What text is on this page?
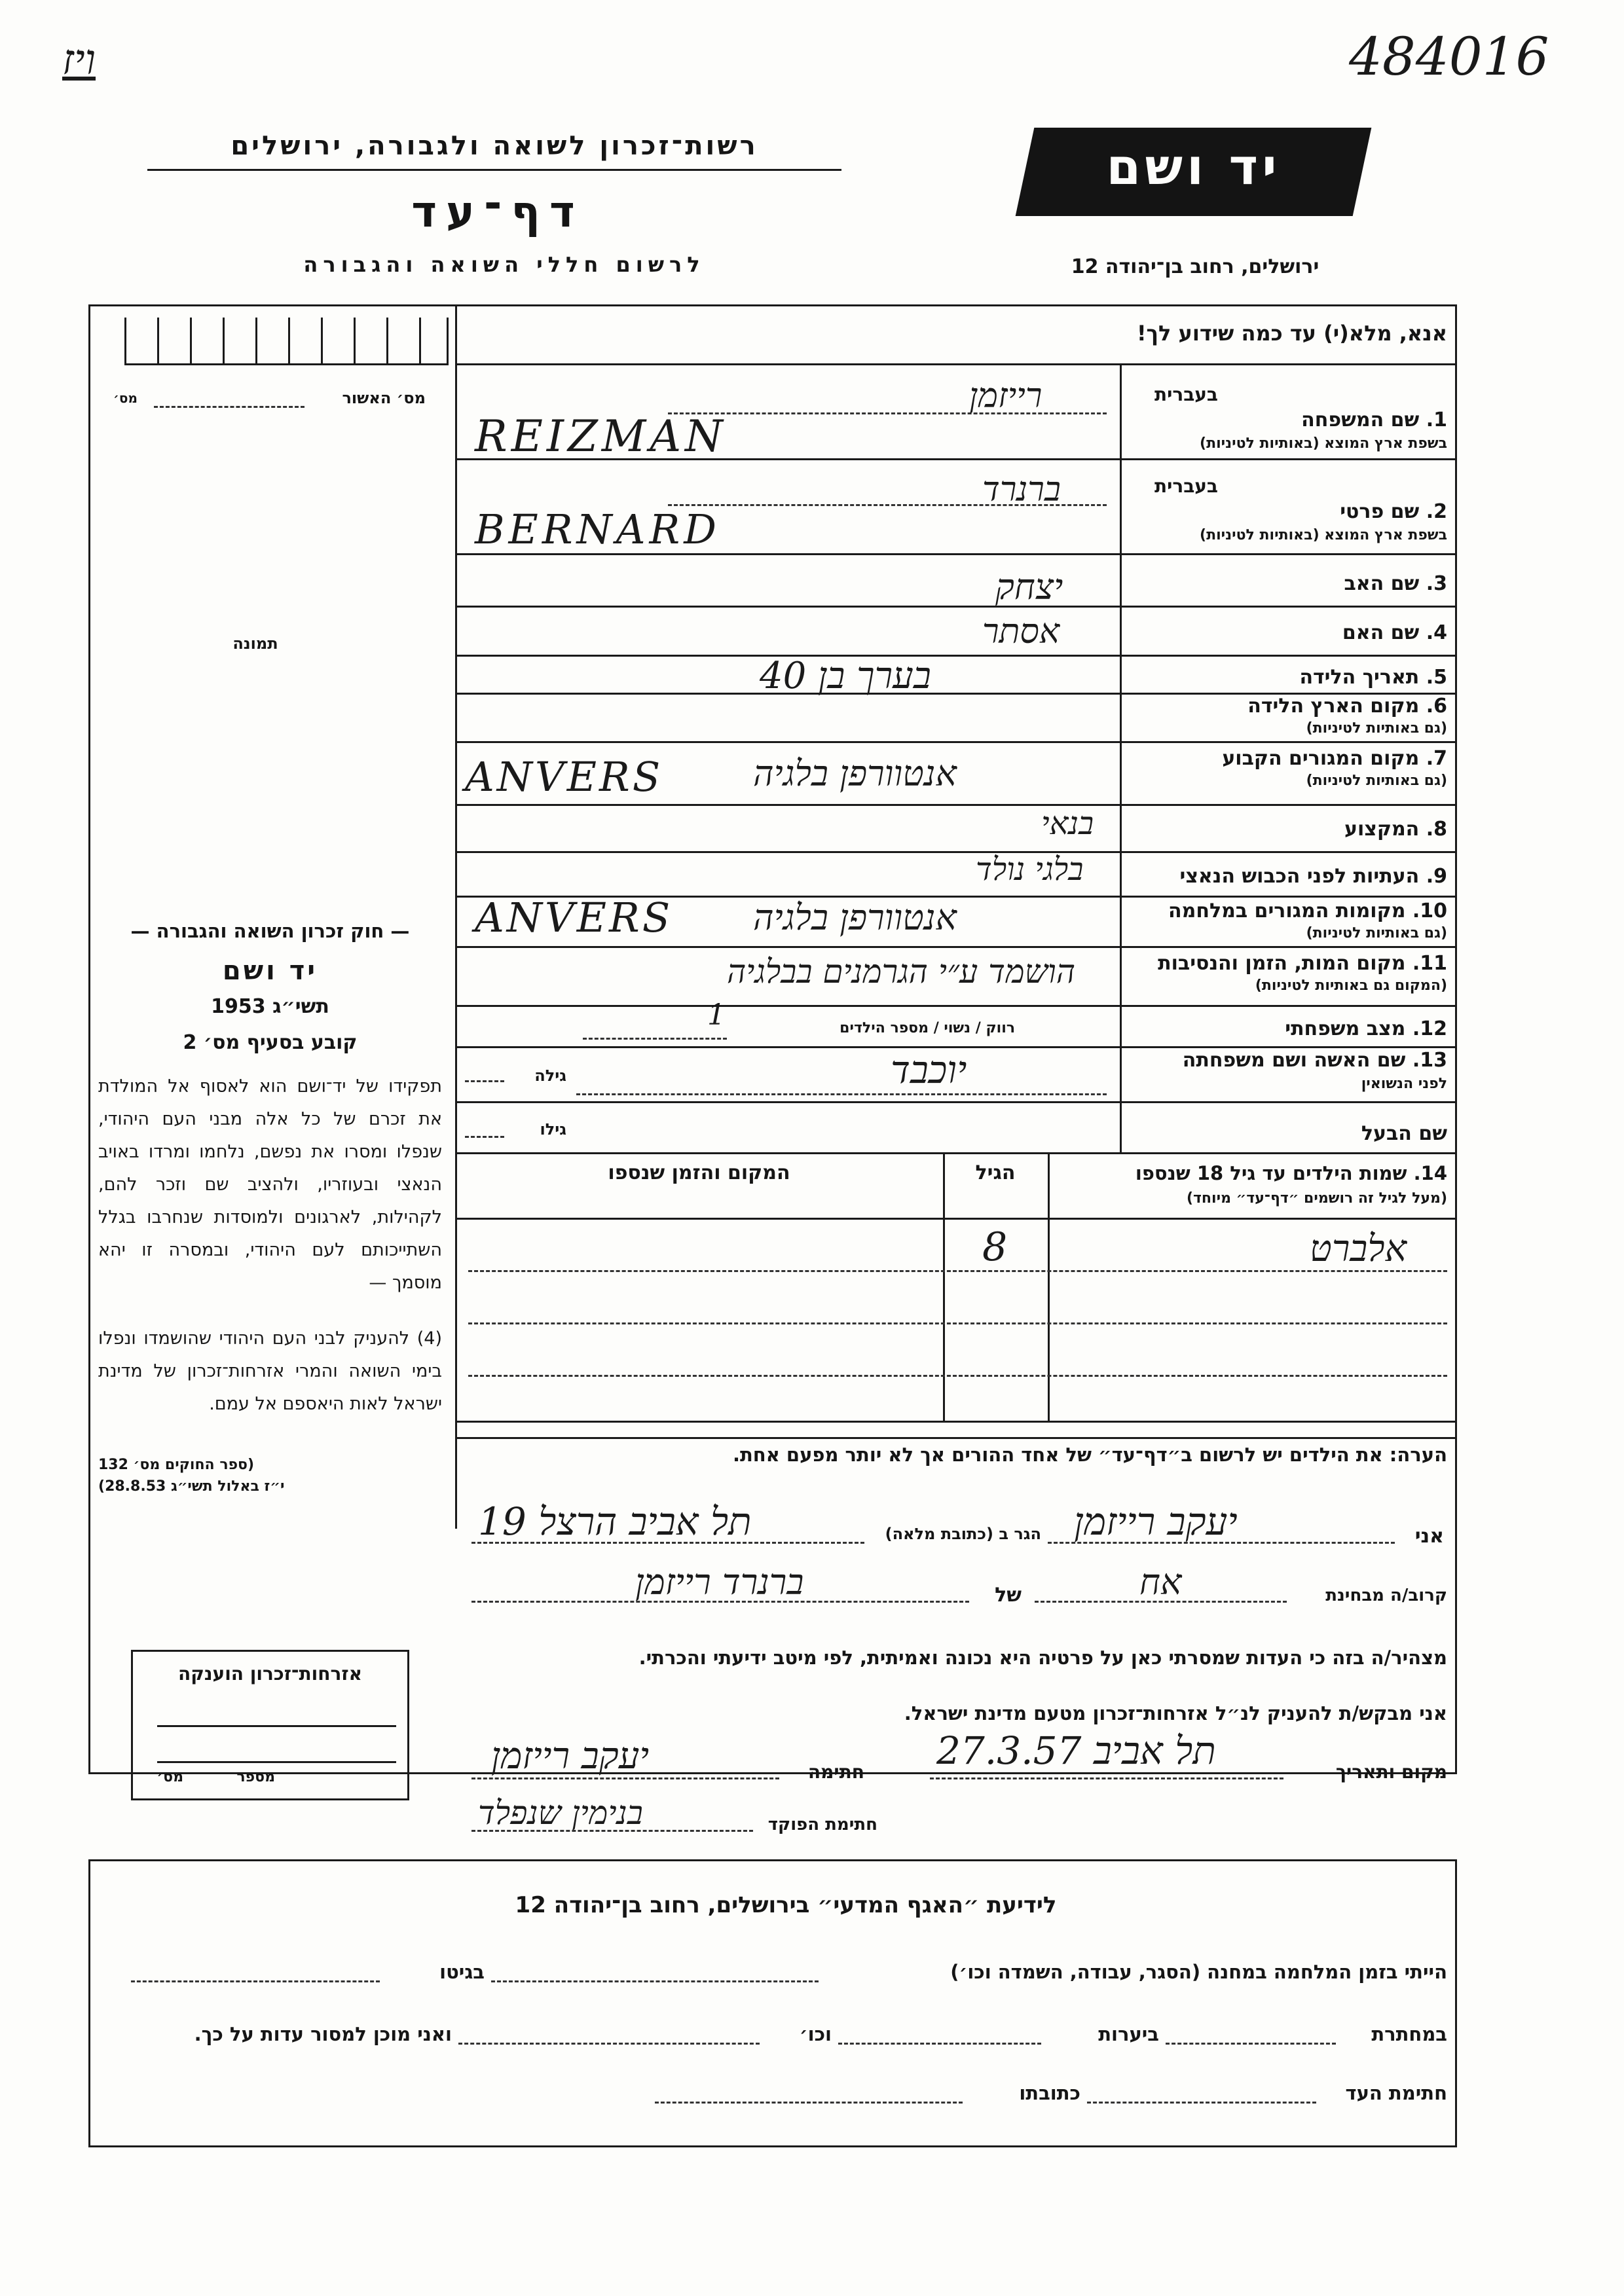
ויז	484016
רשות־זכרון לשואה ולגבורה, ירושלים
דף־עד
לרשום חללי השואה והגבורה
יד ושם
ירושלים, רחוב בן־יהודה 12
מס׳ האשור
מס׳
תמונה
— חוק זכרון השואה והגבורה —
יד ושם
תשי״ג 1953
קובע בסעיף מס׳ 2
תפקידו של יד־ושם הוא לאסוף אל המולדת את זכרם של כל אלה מבני העם היהודי, שנפלו ומסרו את נפשם, נלחמו ומרדו באויב הנאצי ובעוזריו, ולהציב שם וזכר להם, לקהילות, לארגונים ולמוסדות שנחרבו בגלל השתייכותם לעם היהודי, ובמסרה זו יהא מוסמך —
(4) להעניק לבני העם היהודי שהושמדו ונפלו בימי השואה והמרי אזרחות־זכרון של מדינת ישראל לאות היאספם אל עמם.
(ספר החוקים מס׳ 132
י״ז באלול תשי״ג 28.8.53)
אנא, מלא(י) עד כמה שידוע לך!
בעברית
1. שם המשפחה
בשפת ארץ המוצא (באותיות לטיניות)
בעברית
2. שם פרטי
בשפת ארץ המוצא (באותיות לטיניות)
3. שם האב
4. שם האם
5. תאריך הלידה
6. מקום הארץ הלידה
(גם באותיות לטיניות)
7. מקום המגורים הקבוע
(גם באותיות לטיניות)
8. המקצוע
9. העתיות לפני הכבוש הנאצי
10. מקומות המגורים במלחמה
(גם באותיות לטיניות)
11. מקום המות, הזמן והנסיבות
(המקום גם באותיות לטיניות)
12. מצב משפחתי
13. שם האשה ושם משפחתה
לפני הנשואין
שם הבעל
רייזמן
REIZMAN
ברנרד
BERNARD
יצחק
אסתר
בערך בן 40
אנטוורפן בלגיה
ANVERS
בנאי
בלגי נולד
אנטוורפן בלגיה
ANVERS
הושמד ע״י הגרמנים בבלגיה
רווק / נשוי / מספר הילדים
1
יוכבד
גילה
גילו
14. שמות הילדים עד גיל 18 שנספו
(מעל לגיל זה רושמים ״דף־עד״ מיוחד)
הגיל
המקום והזמן שנספו
אלברט
8
הערה: את הילדים יש לרשום ב״דף־עד״ של אחד ההורים אך לא יותר מפעם אחת.
אני
יעקב רייזמן
הגר ב (כתובת מלאה)
תל אביב הרצל 19
קרוב/ה מבחינת
אח
של
ברנרד רייזמן
מצהיר/ה בזה כי העדות שמסרתי כאן על פרטיה היא נכונה ואמיתית, לפי מיטב ידיעתי והכרתי.
אני מבקש/ת להעניק לנ״ל אזרחות־זכרון מטעם מדינת ישראל.
מקום ותאריך
תל אביב 27.3.57
חתימה
יעקב רייזמן
חתימת הפוקד
בנימין שנפלד
אזרחות־זכרון הוענקה
מספר
מס׳
לידיעת ״האגף המדעי״ בירושלים, רחוב בן־יהודה 12
הייתי בזמן המלחמה במחנה (הסגר, עבודה, השמדה וכו׳)
בגיטו
במחתרת
ביערות
וכו׳
ואני מוכן למסור עדות על כך.
חתימת העד
כתובתו
